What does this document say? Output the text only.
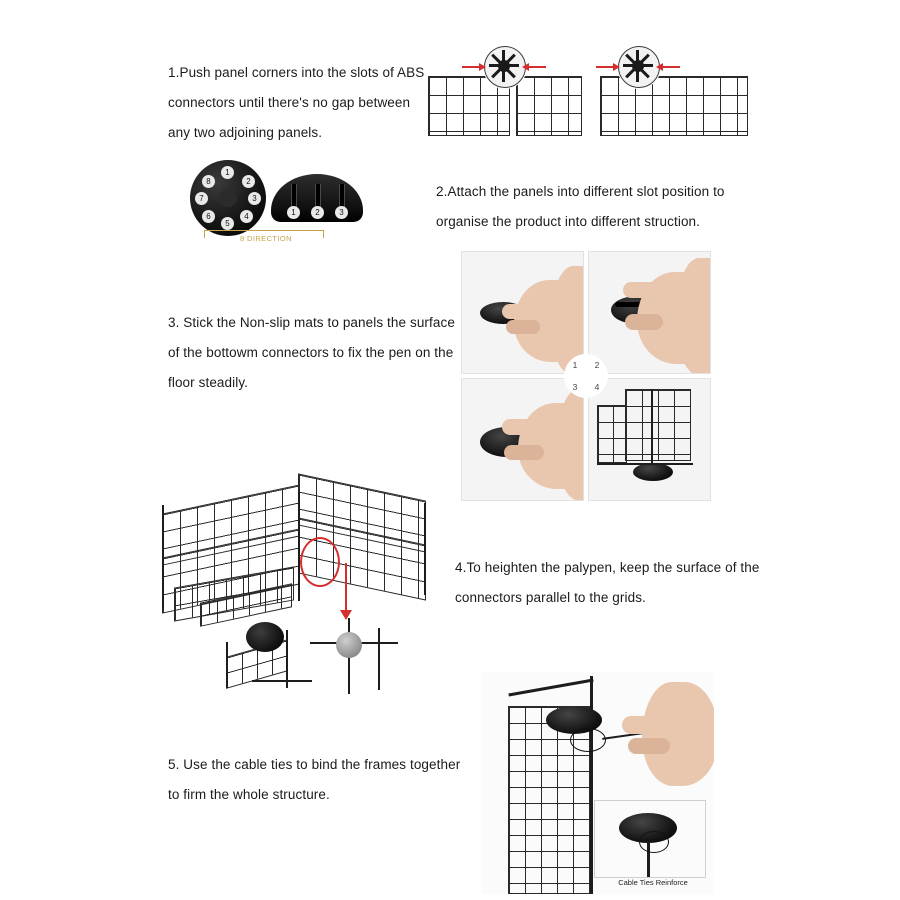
1.Push panel corners into the slots of ABS
connectors until there's no gap between
any two adjoining panels.
1
2
3
4
5
6
7
8
1	2	3
8 DIRECTION
2.Attach the panels into different slot position to
organise the product into different struction.
3. Stick the Non-slip mats to panels the surface
of the bottowm connectors to fix the pen on the
floor steadily.
1	2
3	4
4.To heighten the palypen, keep the surface of the
connectors parallel to the grids.
5. Use the cable ties to bind the frames together
to firm the whole structure.
Cable Ties Reinforce
